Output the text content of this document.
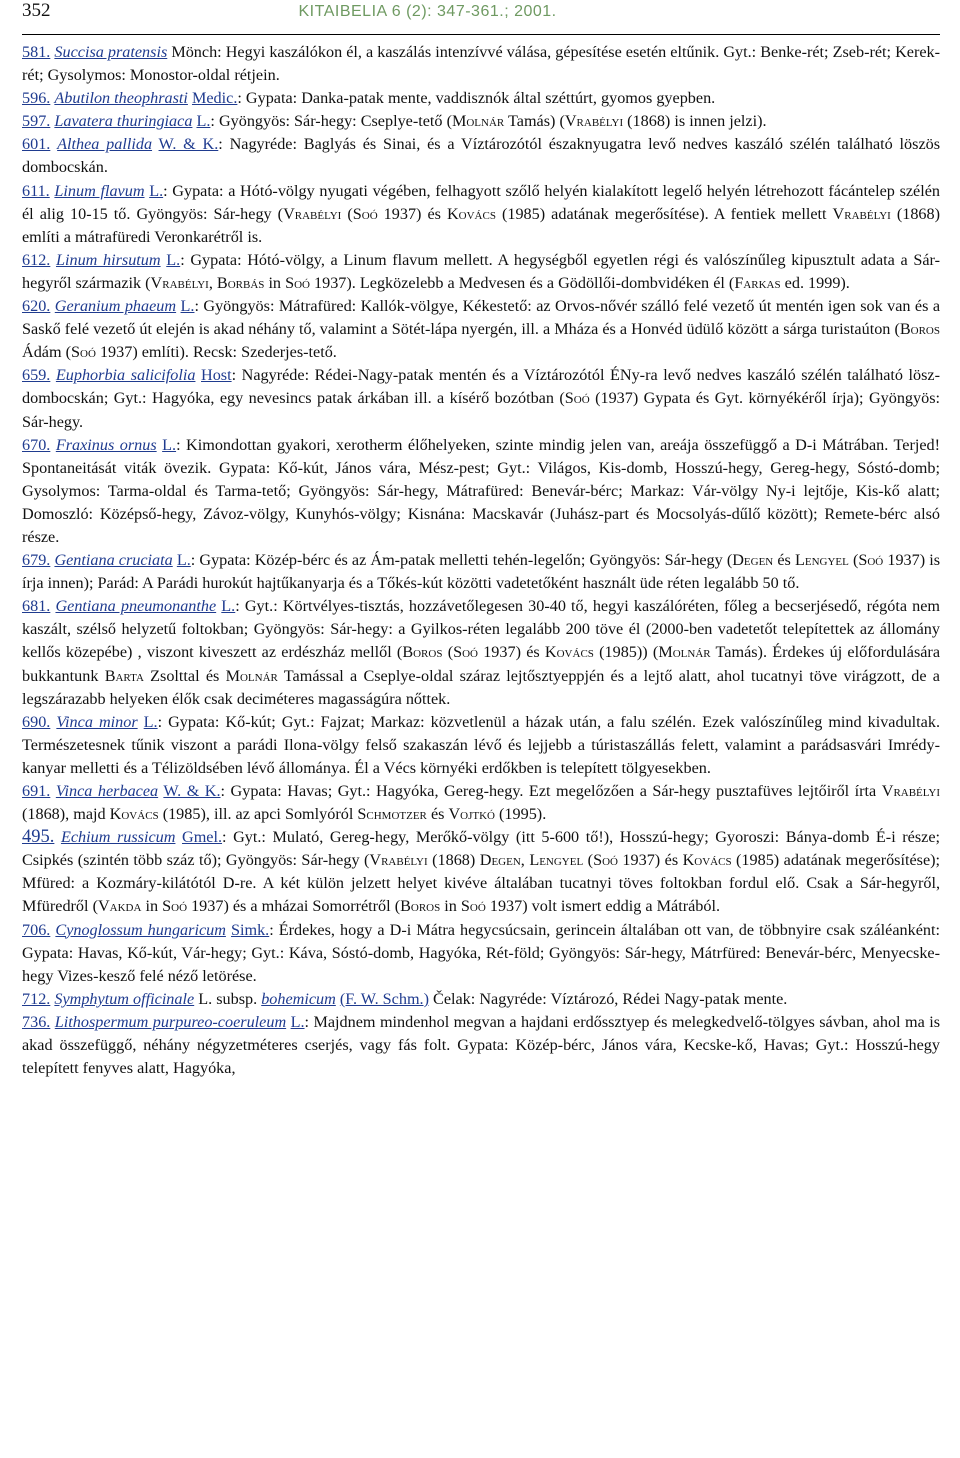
352	KITAIBELIA 6 (2): 347-361.; 2001.

581. Succisa pratensis Mönch: Hegyi kaszálókon él, a kaszálás intenzívvé válása, gépesítése esetén eltűnik. Gyt.: Benke-rét; Zseb-rét; Kerek-rét; Gysolymos: Monostor-oldal rétjein.

596. Abutilon theophrasti Medic.: Gypata: Danka-patak mente, vaddisznók által széttúrt, gyomos gyepben.

597. Lavatera thuringiaca L.: Gyöngyös: Sár-hegy: Cseplye-tető (Molnár Tamás) (Vrabélyi (1868) is innen jelzi).

601. Althea pallida W. & K.: Nagyréde: Baglyás és Sinai, és a Víztározótól északnyugatra levő nedves kaszáló szélén található löszös dombocskán.

611. Linum flavum L.: Gypata: a Hótó-völgy nyugati végében, felhagyott szőlő helyén kialakított legelő helyén létrehozott fácántelep szélén él alig 10-15 tő. Gyöngyös: Sár-hegy (Vrabélyi (Soó 1937) és Kovács (1985) adatának megerősítése). A fentiek mellett Vrabélyi (1868) említi a mátrafüredi Veronkarétről is.

612. Linum hirsutum L.: Gypata: Hótó-völgy, a Linum flavum mellett. A hegységből egyetlen régi és valószínűleg kipusztult adata a Sár-hegyről származik (Vrabélyi, Borbás in Soó 1937). Legközelebb a Medvesen és a Gödöllői-dombvidéken él (Farkas ed. 1999).

620. Geranium phaeum L.: Gyöngyös: Mátrafüred: Kallók-völgye, Kékestető: az Orvos-nővér szálló felé vezető út mentén igen sok van és a Saskő felé vezető út elején is akad néhány tő, valamint a Sötét-lápa nyergén, ill. a Mháza és a Honvéd üdülő között a sárga turistaúton (Boros Ádám (Soó 1937) említi). Recsk: Szederjes-tető.

659. Euphorbia salicifolia Host: Nagyréde: Rédei-Nagy-patak mentén és a Víztározótól ÉNy-ra levő nedves kaszáló szélén található lösz-dombocskán; Gyt.: Hagyóka, egy nevesincs patak árkában ill. a kísérő bozótban (Soó (1937) Gypata és Gyt. környékéről írja); Gyöngyös: Sár-hegy.

670. Fraxinus ornus L.: Kimondottan gyakori, xerotherm élőhelyeken, szinte mindig jelen van, areája összefüggő a D-i Mátrában. Terjed! Spontaneitását viták övezik. Gypata: Kő-kút, János vára, Mész-pest; Gyt.: Világos, Kis-domb, Hosszú-hegy, Gereg-hegy, Sóstó-domb; Gysolymos: Tarma-oldal és Tarma-tető; Gyöngyös: Sár-hegy, Mátrafüred: Benevár-bérc; Markaz: Vár-völgy Ny-i lejtője, Kis-kő alatt; Domoszló: Középső-hegy, Závoz-völgy, Kunyhós-völgy; Kisnána: Macskavár (Juhász-part és Mocsolyás-dűlő között); Remete-bérc alsó része.

679. Gentiana cruciata L.: Gypata: Közép-bérc és az Ám-patak melletti tehén-legelőn; Gyöngyös: Sár-hegy (Degen és Lengyel (Soó 1937) is írja innen); Parád: A Parádi hurokút hajtűkanyarja és a Tőkés-kút közötti vadetetőként használt üde réten legalább 50 tő.

681. Gentiana pneumonanthe L.: Gyt.: Körtvélyes-tisztás, hozzávetőlegesen 30-40 tő, hegyi kaszálóréten, főleg a becserjésedő, régóta nem kaszált, szélső helyzetű foltokban; Gyöngyös: Sár-hegy: a Gyilkos-réten legalább 200 töve él (2000-ben vadetetőt telepítettek az állomány kellős közepébe) , viszont kiveszett az erdészház mellől (Boros (Soó 1937) és Kovács (1985)) (Molnár Tamás). Érdekes új előfordulására bukkantunk Barta Zsolttal és Molnár Tamással a Cseplye-oldal száraz lejtősztyeppjén és a lejtő alatt, ahol tucatnyi töve virágzott, de a legszárazabb helyeken élők csak deciméteres magasságúra nőttek.

690. Vinca minor L.: Gypata: Kő-kút; Gyt.: Fajzat; Markaz: közvetlenül a házak után, a falu szélén. Ezek valószínűleg mind kivadultak. Természetesnek tűnik viszont a parádi Ilona-völgy felső szakaszán lévő és lejjebb a túristaszállás felett, valamint a parádsasvári Imrédy-kanyar melletti és a Télizöldsében lévő állománya. Él a Vécs környéki erdőkben is telepített tölgyesekben.

691. Vinca herbacea W. & K.: Gypata: Havas; Gyt.: Hagyóka, Gereg-hegy. Ezt megelőzően a Sár-hegy pusztafüves lejtőiről írta Vrabélyi (1868), majd Kovács (1985), ill. az apci Somlyóról Schmotzer és Vojtkó (1995).

495. Echium russicum Gmel.: Gyt.: Mulató, Gereg-hegy, Merőkő-völgy (itt 5-600 tő!), Hosszú-hegy; Gyoroszi: Bánya-domb É-i része; Csipkés (szintén több száz tő); Gyöngyös: Sár-hegy (Vrabélyi (1868) Degen, Lengyel (Soó 1937) és Kovács (1985) adatának megerősítése); Mfüred: a Kozmáry-kilátótól D-re. A két külön jelzett helyet kivéve általában tucatnyi töves foltokban fordul elő. Csak a Sár-hegyről, Mfüredről (Vakda in Soó 1937) és a mházai Somorrétről (Boros in Soó 1937) volt ismert eddig a Mátrából.

706. Cynoglossum hungaricum Simk.: Érdekes, hogy a D-i Mátra hegycsúcsain, gerincein általában ott van, de többnyire csak száléanként: Gypata: Havas, Kő-kút, Vár-hegy; Gyt.: Káva, Sóstó-domb, Hagyóka, Rét-föld; Gyöngyös: Sár-hegy, Mátrfüred: Benevár-bérc, Menyecske-hegy Vizes-kesző felé néző letörése.

712. Symphytum officinale L. subsp. bohemicum (F. W. Schm.) Čelak: Nagyréde: Víztározó, Rédei Nagy-patak mente.

736. Lithospermum purpureo-coeruleum L.: Majdnem mindenhol megvan a hajdani erdőssztyep és melegkedvelő-tölgyes sávban, ahol ma is akad összefüggő, néhány négyzetméteres cserjés, vagy fás folt. Gypata: Közép-bérc, János vára, Kecske-kő, Havas; Gyt.: Hosszú-hegy telepített fenyves alatt, Hagyóka,
